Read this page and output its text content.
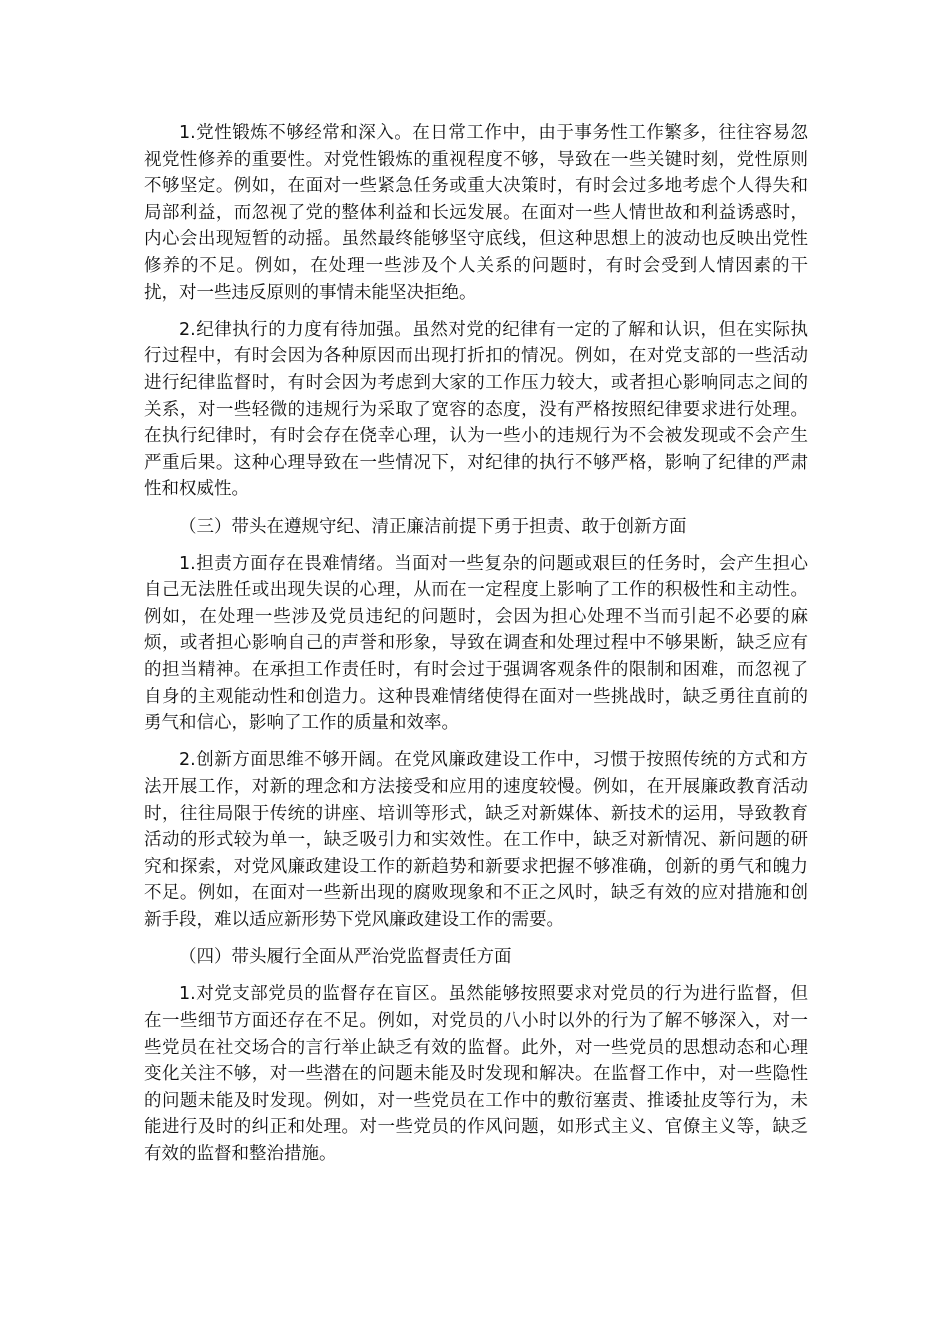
1.党性锻炼不够经常和深入。在日常工作中，由于事务性工作繁多，往往容易忽视党性修养的重要性。对党性锻炼的重视程度不够，导致在一些关键时刻，党性原则不够坚定。例如，在面对一些紧急任务或重大决策时，有时会过多地考虑个人得失和局部利益，而忽视了党的整体利益和长远发展。在面对一些人情世故和利益诱惑时，内心会出现短暂的动摇。虽然最终能够坚守底线，但这种思想上的波动也反映出党性修养的不足。例如，在处理一些涉及个人关系的问题时，有时会受到人情因素的干扰，对一些违反原则的事情未能坚决拒绝。

2.纪律执行的力度有待加强。虽然对党的纪律有一定的了解和认识，但在实际执行过程中，有时会因为各种原因而出现打折扣的情况。例如，在对党支部的一些活动进行纪律监督时，有时会因为考虑到大家的工作压力较大，或者担心影响同志之间的关系，对一些轻微的违规行为采取了宽容的态度，没有严格按照纪律要求进行处理。在执行纪律时，有时会存在侥幸心理，认为一些小的违规行为不会被发现或不会产生严重后果。这种心理导致在一些情况下，对纪律的执行不够严格，影响了纪律的严肃性和权威性。

（三）带头在遵规守纪、清正廉洁前提下勇于担责、敢于创新方面

1.担责方面存在畏难情绪。当面对一些复杂的问题或艰巨的任务时，会产生担心自己无法胜任或出现失误的心理，从而在一定程度上影响了工作的积极性和主动性。例如，在处理一些涉及党员违纪的问题时，会因为担心处理不当而引起不必要的麻烦，或者担心影响自己的声誉和形象，导致在调查和处理过程中不够果断，缺乏应有的担当精神。在承担工作责任时，有时会过于强调客观条件的限制和困难，而忽视了自身的主观能动性和创造力。这种畏难情绪使得在面对一些挑战时，缺乏勇往直前的勇气和信心，影响了工作的质量和效率。

2.创新方面思维不够开阔。在党风廉政建设工作中，习惯于按照传统的方式和方法开展工作，对新的理念和方法接受和应用的速度较慢。例如，在开展廉政教育活动时，往往局限于传统的讲座、培训等形式，缺乏对新媒体、新技术的运用，导致教育活动的形式较为单一，缺乏吸引力和实效性。在工作中，缺乏对新情况、新问题的研究和探索，对党风廉政建设工作的新趋势和新要求把握不够准确，创新的勇气和魄力不足。例如，在面对一些新出现的腐败现象和不正之风时，缺乏有效的应对措施和创新手段，难以适应新形势下党风廉政建设工作的需要。

（四）带头履行全面从严治党监督责任方面

1.对党支部党员的监督存在盲区。虽然能够按照要求对党员的行为进行监督，但在一些细节方面还存在不足。例如，对党员的八小时以外的行为了解不够深入，对一些党员在社交场合的言行举止缺乏有效的监督。此外，对一些党员的思想动态和心理变化关注不够，对一些潜在的问题未能及时发现和解决。在监督工作中，对一些隐性的问题未能及时发现。例如，对一些党员在工作中的敷衍塞责、推诿扯皮等行为，未能进行及时的纠正和处理。对一些党员的作风问题，如形式主义、官僚主义等，缺乏有效的监督和整治措施。
